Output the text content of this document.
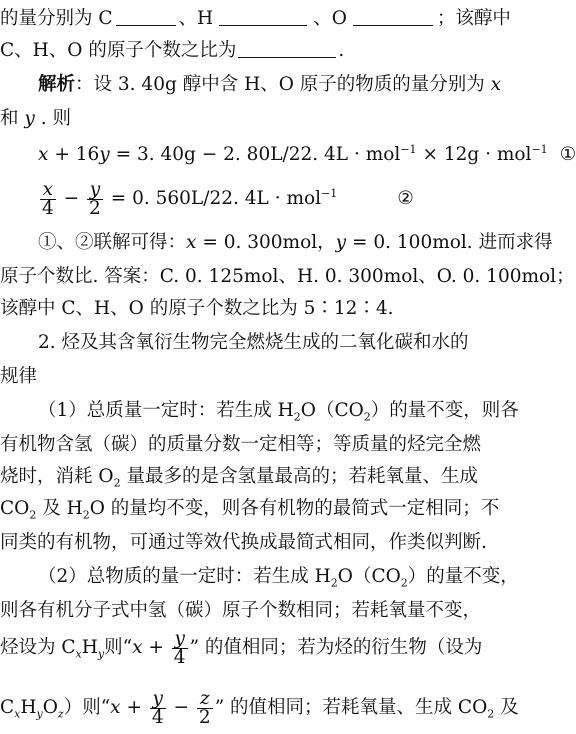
的量分别为 C	、H	、O	；该醇中
C、H、O 的原子个数之比为	.
解析：设 3. 40g 醇中含 H、O 原子的物质的量分别为 x
和 y . 则
x + 16y = 3. 40g − 2. 80L/22. 4L · mol$^{-1}$ × 12g · mol$^{-1}$ ①
$\frac{x}{4} - \frac{y}{2} = 0$. 560L/22. 4L · mol$^{-1}$	②
①、②联解可得：x = 0. 300mol，y = 0. 100mol. 进而求得
原子个数比. 答案：C. 0. 125mol、H. 0. 300mol、O. 0. 100mol；
该醇中 C、H、O 的原子个数之比为 5∶12∶4.
2. 烃及其含氧衍生物完全燃烧生成的二氧化碳和水的
规律
（1）总质量一定时：若生成 $H_2O(CO_2)$的量不变，则各
有机物含氢（碳）的质量分数一定相等；等质量的烃完全燃
烧时，消耗 $O_2$ 量最多的是含氢量最高的；若耗氧量、生成
$CO_2$ 及 $H_2O$ 的量均不变，则各有机物的最简式一定相同；不
同类的有机物，可通过等效代换成最简式相同，作类似判断.
（2）总物质的量一定时：若生成 $H_2O(CO_2)$的量不变，
则各有机分子式中氢（碳）原子个数相同；若耗氧量不变，
烃设为 $C_xH_y$则“$x + \frac{y}{4}$ ” 的值相同；若为烃的衍生物（设为
$C_xH_yO_z$）则“$x + \frac{y}{4} - \frac{z}{2}$ ” 的值相同；若耗氧量、生成 $CO_2$ 及
